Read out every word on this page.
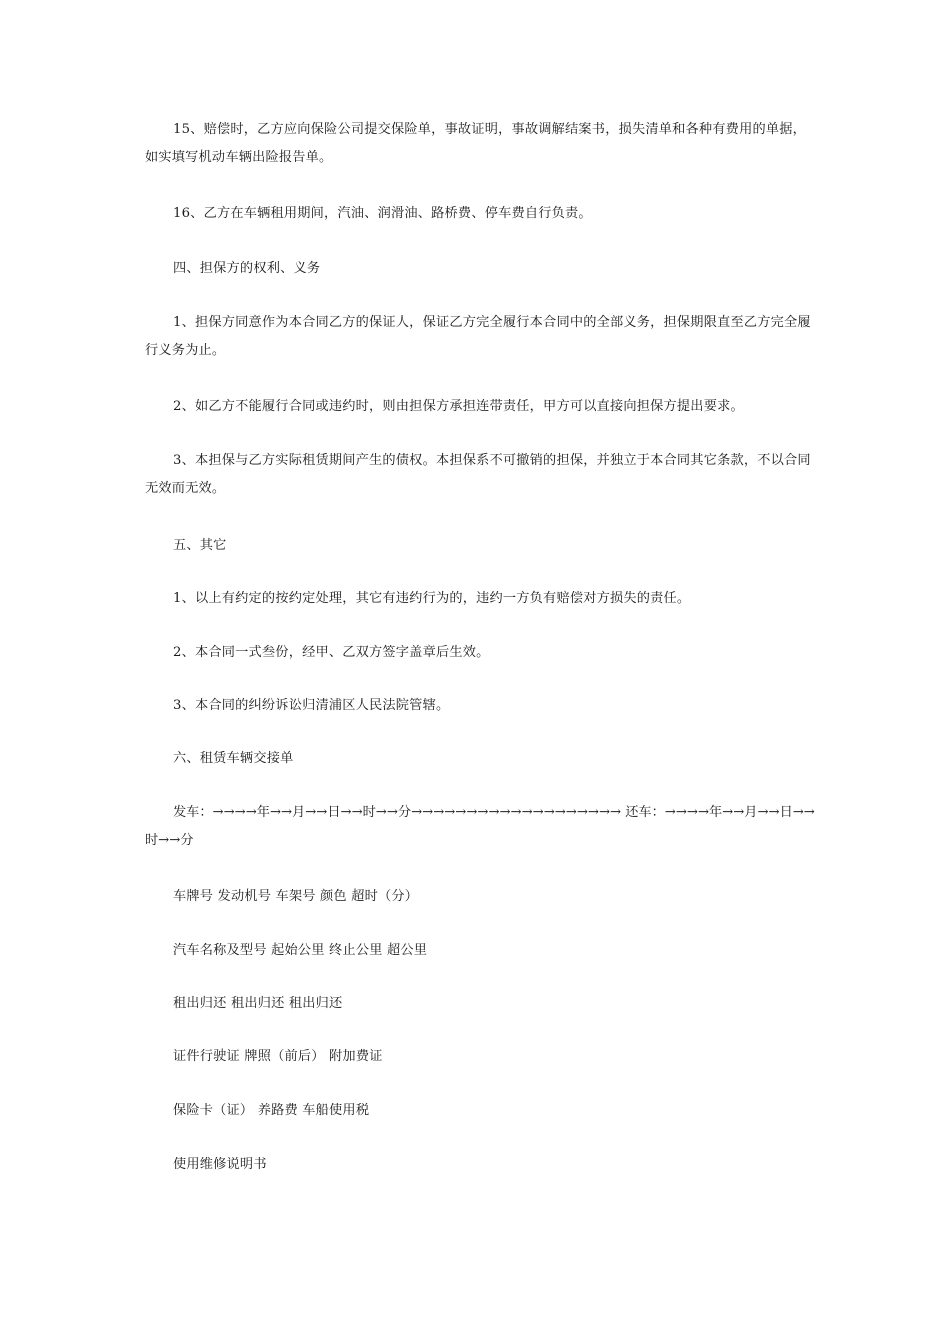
15、赔偿时，乙方应向保险公司提交保险单，事故证明，事故调解结案书，损失清单和各种有费用的单据，如实填写机动车辆出险报告单。

16、乙方在车辆租用期间，汽油、润滑油、路桥费、停车费自行负责。

四、担保方的权利、义务

1、担保方同意作为本合同乙方的保证人，保证乙方完全履行本合同中的全部义务，担保期限直至乙方完全履行义务为止。

2、如乙方不能履行合同或违约时，则由担保方承担连带责任，甲方可以直接向担保方提出要求。

3、本担保与乙方实际租赁期间产生的债权。本担保系不可撤销的担保，并独立于本合同其它条款，不以合同无效而无效。

五、其它

1、以上有约定的按约定处理，其它有违约行为的，违约一方负有赔偿对方损失的责任。

2、本合同一式叁份，经甲、乙双方签字盖章后生效。

3、本合同的纠纷诉讼归清浦区人民法院管辖。

六、租赁车辆交接单

发车：→→→→年→→月→→日→→时→→分→→→→→→→→→→→→→→→→→→→ 还车：→→→→年→→月→→日→→时→→分

车牌号 发动机号 车架号 颜色 超时（分）

汽车名称及型号 起始公里 终止公里 超公里

租出归还 租出归还 租出归还

证件行驶证 牌照（前后） 附加费证

保险卡（证） 养路费 车船使用税

使用维修说明书
